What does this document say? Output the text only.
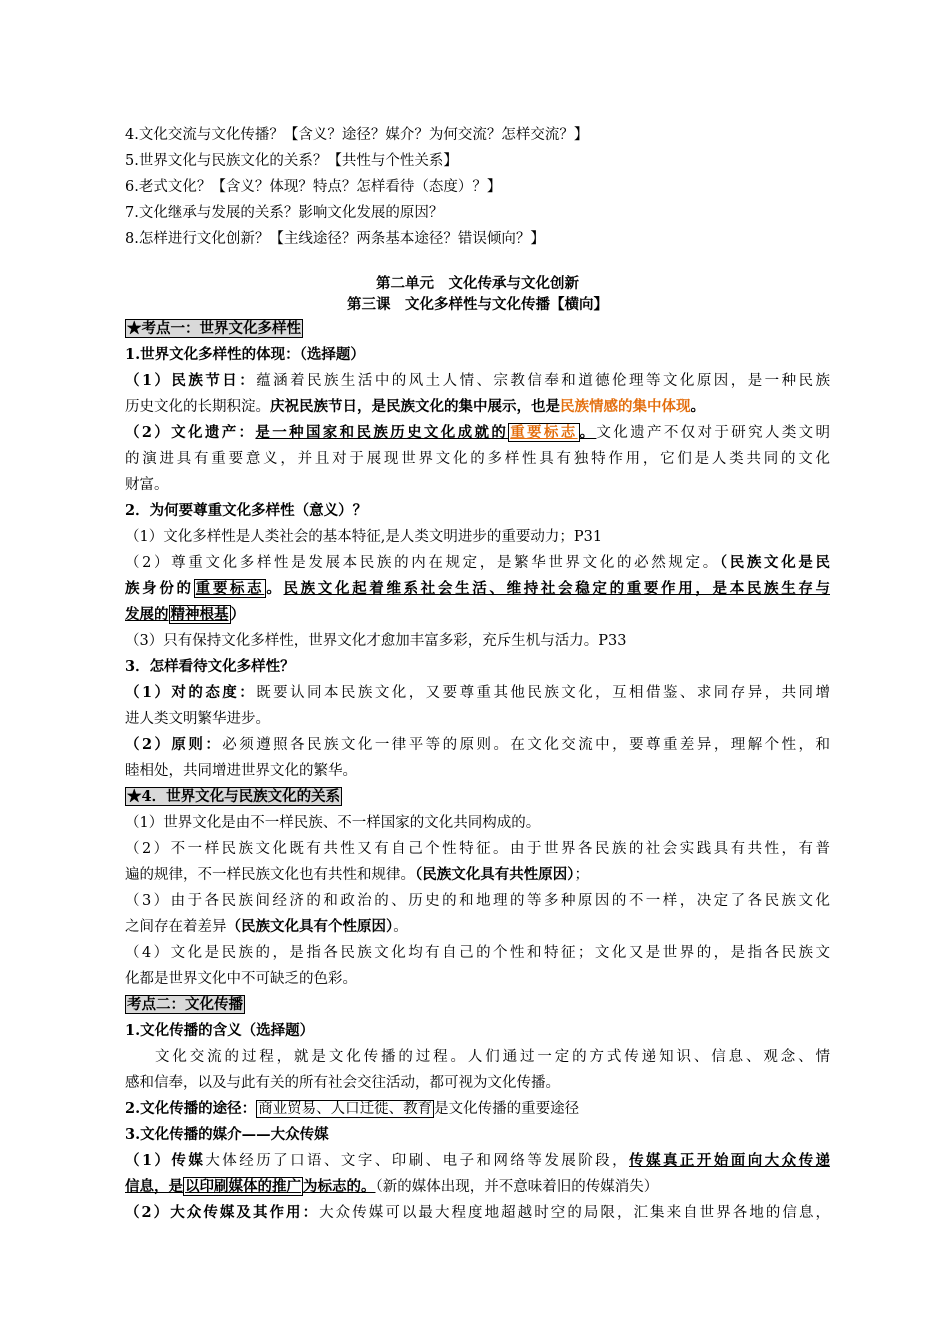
4.文化交流与文化传播？【含义？途径？媒介？为何交流？怎样交流？】
5.世界文化与民族文化的关系？【共性与个性关系】
6.老式文化？【含义？体现？特点？怎样看待（态度）？】
7.文化继承与发展的关系？影响文化发展的原因？
8.怎样进行文化创新？【主线途径？两条基本途径？错误倾向？】
第二单元　文化传承与文化创新
第三课　文化多样性与文化传播【横向】
★考点一：世界文化多样性
1.世界文化多样性的体现：（选择题）
（1）民族节日：蕴涵着民族生活中的风土人情、宗教信奉和道德伦理等文化原因，是一种民族
历史文化的长期积淀。庆祝民族节日，是民族文化的集中展示，也是民族情感的集中体现。
（2）文化遗产：是一种国家和民族历史文化成就的 重要标志 。文化遗产不仅对于研究人类文明
的演进具有重要意义，并且对于展现世界文化的多样性具有独特作用，它们是人类共同的文化
财富。
2．为何要尊重文化多样性（意义）？
（1）文化多样性是人类社会的基本特征,是人类文明进步的重要动力；P31
（2）尊重文化多样性是发展本民族的内在规定，是繁华世界文化的必然规定。（民族文化是民
族身份的 重要标志 。民族文化起着维系社会生活、维持社会稳定的重要作用，是本民族生存与
发展的 精神根基 ）
（3）只有保持文化多样性，世界文化才愈加丰富多彩，充斥生机与活力。P33
3．怎样看待文化多样性？
（1）对的态度：既要认同本民族文化，又要尊重其他民族文化，互相借鉴、求同存异，共同增
进人类文明繁华进步。
（2）原则：必须遵照各民族文化一律平等的原则。在文化交流中，要尊重差异，理解个性，和
睦相处，共同增进世界文化的繁华。
★4．世界文化与民族文化的关系
（1）世界文化是由不一样民族、不一样国家的文化共同构成的。
（2）不一样民族文化既有共性又有自己个性特征。由于世界各民族的社会实践具有共性，有普
遍的规律，不一样民族文化也有共性和规律。（民族文化具有共性原因）；
（3）由于各民族间经济的和政治的、历史的和地理的等多种原因的不一样，决定了各民族文化
之间存在着差异（民族文化具有个性原因）。
（4）文化是民族的，是指各民族文化均有自己的个性和特征；文化又是世界的，是指各民族文
化都是世界文化中不可缺乏的色彩。
考点二：文化传播
1.文化传播的含义（选择题）
文化交流的过程，就是文化传播的过程。人们通过一定的方式传递知识、信息、观念、情
感和信奉，以及与此有关的所有社会交往活动，都可视为文化传播。
2.文化传播的途径： 商业贸易、人口迁徙、教育 是文化传播的重要途径
3.文化传播的媒介——大众传媒
（1）传媒大体经历了口语、文字、印刷、电子和网络等发展阶段，传媒真正开始面向大众传递
信息，是 以印刷媒体的推广 为标志的。（新的媒体出现，并不意味着旧的传媒消失）
（2）大众传媒及其作用：大众传媒可以最大程度地超越时空的局限，汇集来自世界各地的信息，
